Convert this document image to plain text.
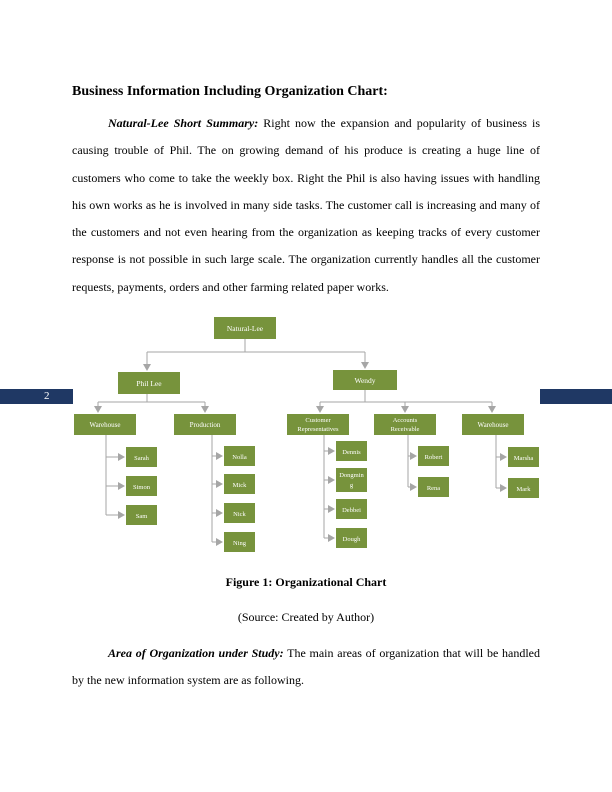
Business Information Including Organization Chart:
Natural-Lee Short Summary: Right now the expansion and popularity of business is causing trouble of Phil. The on growing demand of his produce is creating a huge line of customers who come to take the weekly box. Right the Phil is also having issues with handling his own works as he is involved in many side tasks. The customer call is increasing and many of the customers and not even hearing from the organization as keeping tracks of every customer response is not possible in such large scale. The organization currently handles all the customer requests, payments, orders and other farming related paper works.
2
Natural-Lee
Phil Lee	Wendy
Warehouse	Production
Customer
Representatives
Accounts
Receivable
Warehouse
Sarah
Simon
Sam
Nolla
Mick
Nick
Ning
Dennis
Dongmin
g
Debbei
Dough
Robert
Rena
Marsha
Mark
Figure 1: Organizational Chart
(Source: Created by Author)
Area of Organization under Study: The main areas of organization that will be handled by the new information system are as following.
